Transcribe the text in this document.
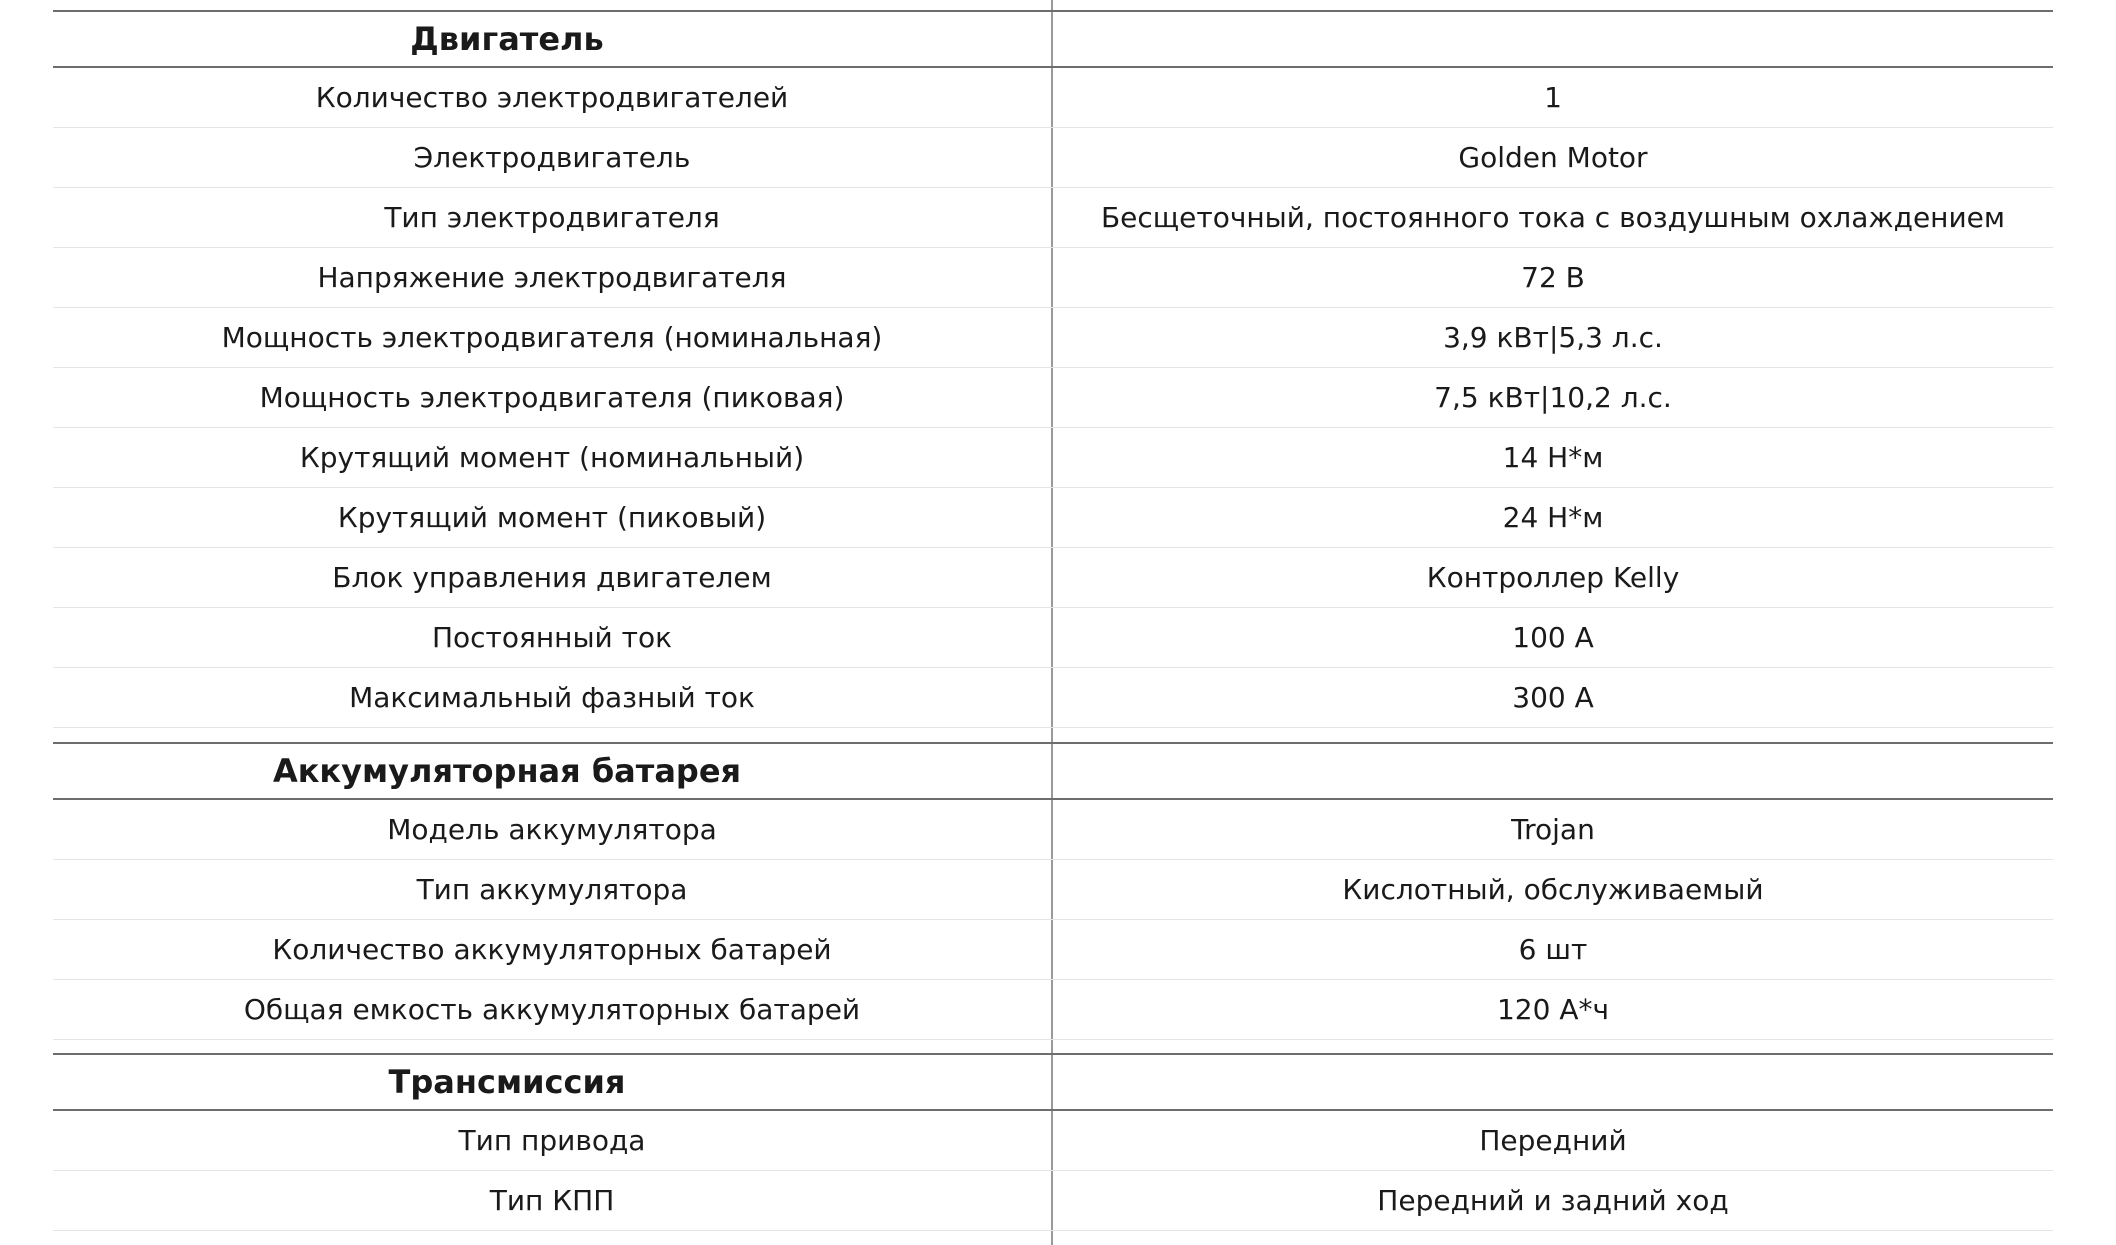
Двигатель
Количество электродвигателей	1
Электродвигатель	Golden Motor
Тип электродвигателя	Бесщеточный, постоянного тока с воздушным охлаждением
Напряжение электродвигателя	72 В
Мощность электродвигателя (номинальная)	3,9 кВт|5,3 л.с.
Мощность электродвигателя (пиковая)	7,5 кВт|10,2 л.с.
Крутящий момент (номинальный)	14 Н*м
Крутящий момент (пиковый)	24 Н*м
Блок управления двигателем	Контроллер Kelly
Постоянный ток	100 А
Максимальный фазный ток	300 А
Аккумуляторная батарея
Модель аккумулятора	Trojan
Тип аккумулятора	Кислотный, обслуживаемый
Количество аккумуляторных батарей	6 шт
Общая емкость аккумуляторных батарей	120 А*ч
Трансмиссия
Тип привода	Передний
Тип КПП	Передний и задний ход
